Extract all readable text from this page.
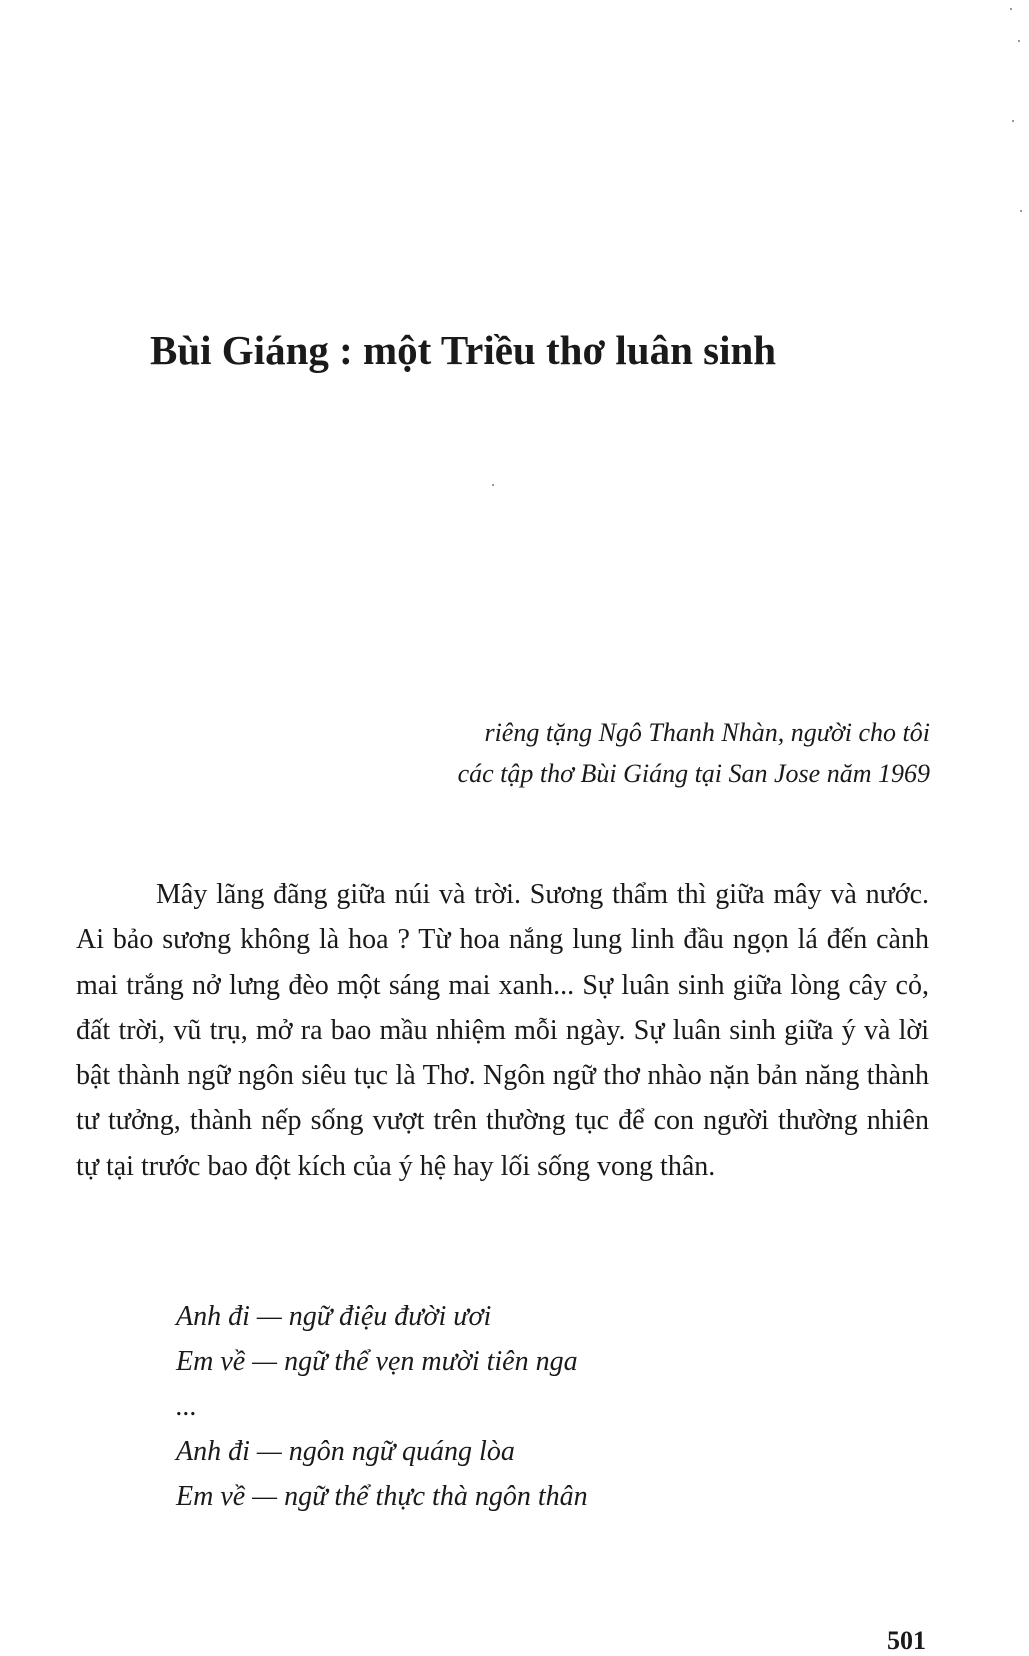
Bùi Giáng : một Triều thơ luân sinh
riêng tặng Ngô Thanh Nhàn, người cho tôi
các tập thơ Bùi Giáng tại San Jose năm 1969

Mây lãng đãng giữa núi và trời. Sương thẩm thì giữa mây và nước. Ai bảo sương không là hoa ? Từ hoa nắng lung linh đầu ngọn lá đến cành mai trắng nở lưng đèo một sáng mai xanh... Sự luân sinh giữa lòng cây cỏ, đất trời, vũ trụ, mở ra bao mầu nhiệm mỗi ngày. Sự luân sinh giữa ý và lời bật thành ngữ ngôn siêu tục là Thơ. Ngôn ngữ thơ nhào nặn bản năng thành tư tưởng, thành nếp sống vượt trên thường tục để con người thường nhiên tự tại trước bao đột kích của ý hệ hay lối sống vong thân.

Anh đi — ngữ điệu đười ươi
Em về — ngữ thể vẹn mười tiên nga
...
Anh đi — ngôn ngữ quáng lòa
Em về — ngữ thể thực thà ngôn thân
501
